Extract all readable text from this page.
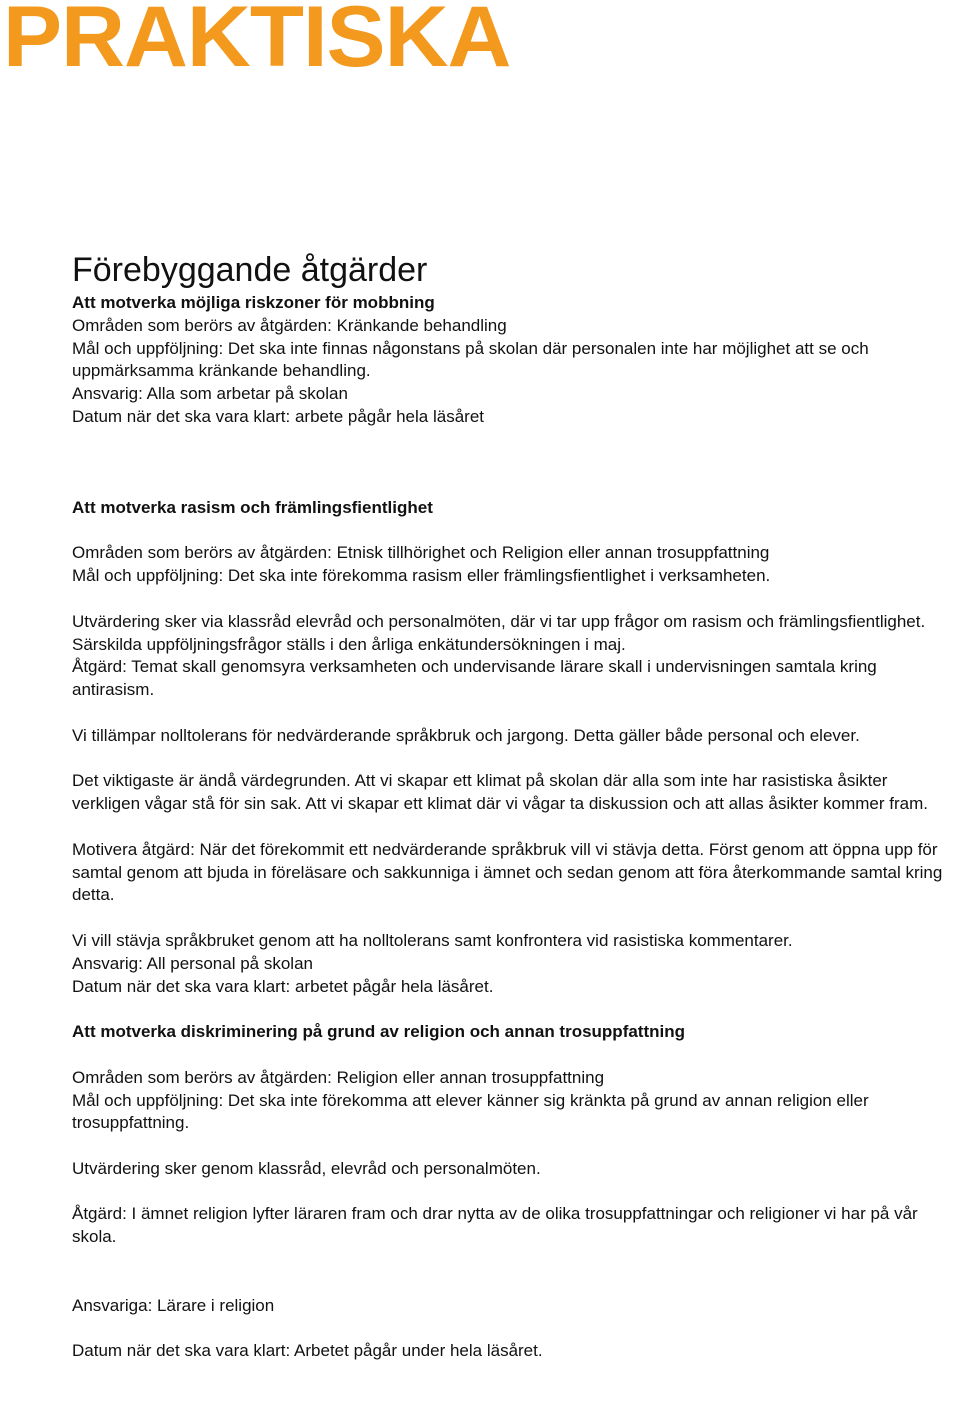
PRAKTISKA
Förebyggande åtgärder

Att motverka möjliga riskzoner för mobbning

Områden som berörs av åtgärden: Kränkande behandling

Mål och uppföljning: Det ska inte finnas någonstans på skolan där personalen inte har möjlighet att se och uppmärksamma kränkande behandling.

Ansvarig: Alla som arbetar på skolan

Datum när det ska vara klart: arbete pågår hela läsåret

Att motverka rasism och främlingsfientlighet

Områden som berörs av åtgärden: Etnisk tillhörighet och Religion eller annan trosuppfattning

Mål och uppföljning: Det ska inte förekomma rasism eller främlingsfientlighet i verksamheten.

Utvärdering sker via klassråd elevråd och personalmöten, där vi tar upp frågor om rasism och främlingsfientlighet. Särskilda uppföljningsfrågor ställs i den årliga enkätundersökningen i maj.

Åtgärd: Temat skall genomsyra verksamheten och undervisande lärare skall i undervisningen samtala kring antirasism.

Vi tillämpar nolltolerans för nedvärderande språkbruk och jargong. Detta gäller både personal och elever.

Det viktigaste är ändå värdegrunden. Att vi skapar ett klimat på skolan där alla som inte har rasistiska åsikter verkligen vågar stå för sin sak. Att vi skapar ett klimat där vi vågar ta diskussion och att allas åsikter kommer fram.

Motivera åtgärd: När det förekommit ett nedvärderande språkbruk vill vi stävja detta. Först genom att öppna upp för samtal genom att bjuda in föreläsare och sakkunniga i ämnet och sedan genom att föra återkommande samtal kring detta.

Vi vill stävja språkbruket genom att ha nolltolerans samt konfrontera vid rasistiska kommentarer.

Ansvarig: All personal på skolan

Datum när det ska vara klart: arbetet pågår hela läsåret.

Att motverka diskriminering på grund av religion och annan trosuppfattning

Områden som berörs av åtgärden: Religion eller annan trosuppfattning

Mål och uppföljning: Det ska inte förekomma att elever känner sig kränkta på grund av annan religion eller trosuppfattning.

Utvärdering sker genom klassråd, elevråd och personalmöten.

Åtgärd: I ämnet religion lyfter läraren fram och drar nytta av de olika trosuppfattningar och religioner vi har på vår skola.

Ansvariga: Lärare i religion

Datum när det ska vara klart: Arbetet pågår under hela läsåret.
